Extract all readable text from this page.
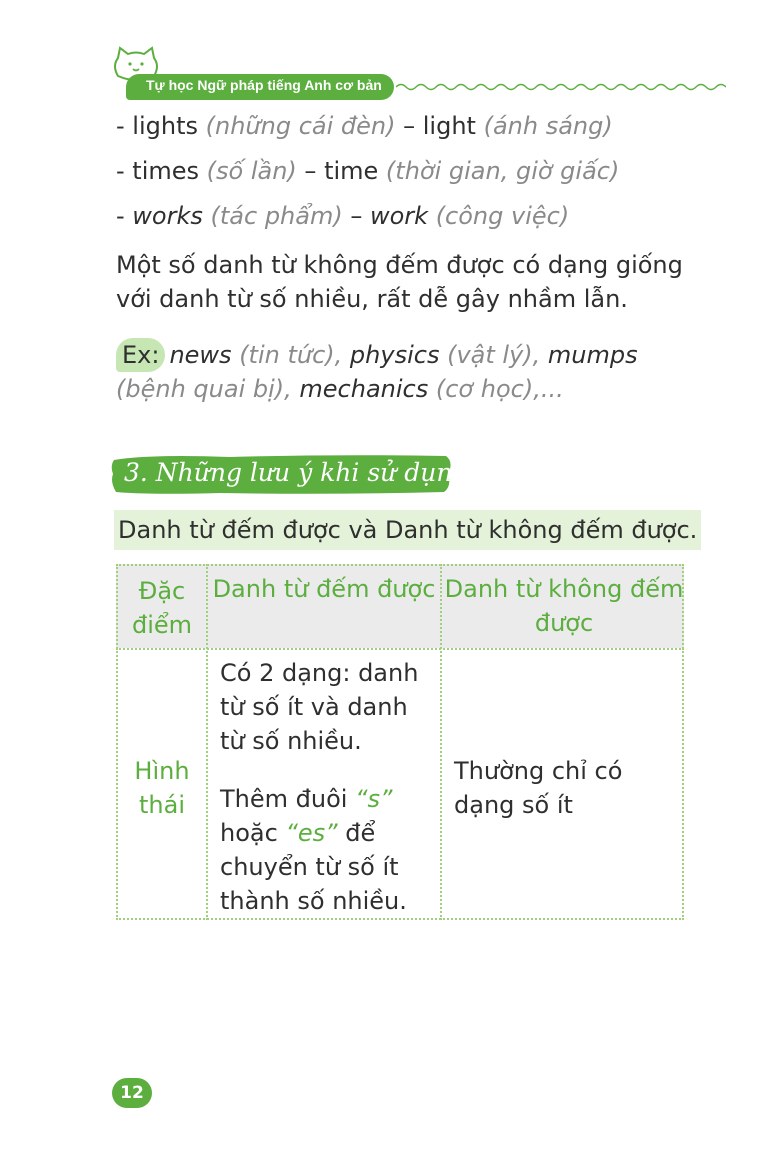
Tự học Ngữ pháp tiếng Anh cơ bản
- lights (những cái đèn) – light (ánh sáng)
- times (số lần) – time (thời gian, giờ giấc)
- works (tác phẩm) – work (công việc)
Một số danh từ không đếm được có dạng giống với danh từ số nhiều, rất dễ gây nhầm lẫn.
Ex: news (tin tức), physics (vật lý), mumps (bệnh quai bị), mechanics (cơ học),...
3. Những lưu ý khi sử dụng
Danh từ đếm được và Danh từ không đếm được.
Đặc điểm
Danh từ đếm được Danh từ không đếm được
Hình thái
Có 2 dạng: danh từ số ít và danh từ số nhiều.
Thêm đuôi “s” hoặc “es” để chuyển từ số ít thành số nhiều.
Thường chỉ có dạng số ít
12
